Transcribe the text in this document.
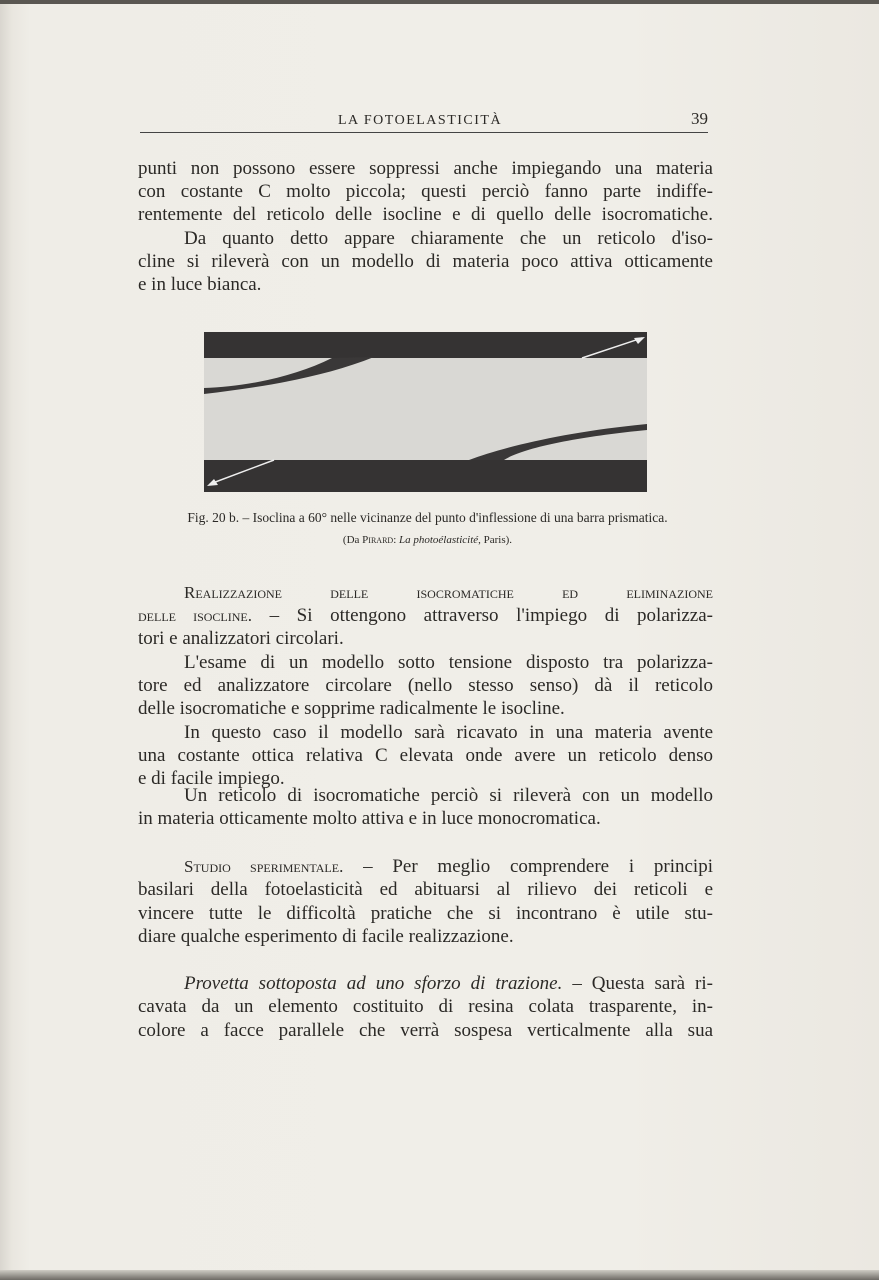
LA FOTOELASTICITÀ	39
punti non possono essere soppressi anche impiegando una materia
con costante C molto piccola; questi perciò fanno parte indiffe-
rentemente del reticolo delle isocline e di quello delle isocromatiche.
Da quanto detto appare chiaramente che un reticolo d'iso-
cline si rileverà con un modello di materia poco attiva otticamente
e in luce bianca.
Fig. 20 b. – Isoclina a 60° nelle vicinanze del punto d'inflessione di una barra prismatica.
(Da Pirard: La photoélasticité, Paris).
Realizzazione delle isocromatiche ed eliminazione
delle isocline. – Si ottengono attraverso l'impiego di polarizza-
tori e analizzatori circolari.
L'esame di un modello sotto tensione disposto tra polarizza-
tore ed analizzatore circolare (nello stesso senso) dà il reticolo
delle isocromatiche e sopprime radicalmente le isocline.
In questo caso il modello sarà ricavato in una materia avente
una costante ottica relativa C elevata onde avere un reticolo denso
e di facile impiego.
Un reticolo di isocromatiche perciò si rileverà con un modello
in materia otticamente molto attiva e in luce monocromatica.
Studio sperimentale. – Per meglio comprendere i principi
basilari della fotoelasticità ed abituarsi al rilievo dei reticoli e
vincere tutte le difficoltà pratiche che si incontrano è utile stu-
diare qualche esperimento di facile realizzazione.
Provetta sottoposta ad uno sforzo di trazione. – Questa sarà ri-
cavata da un elemento costituito di resina colata trasparente, in-
colore a facce parallele che verrà sospesa verticalmente alla sua
